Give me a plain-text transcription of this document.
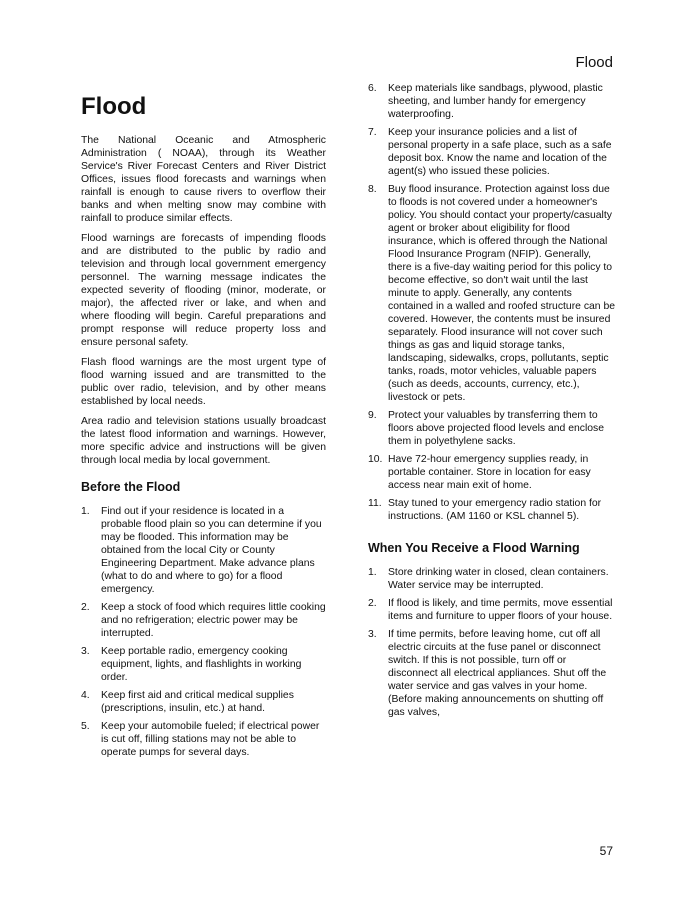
Flood
Flood

The National Oceanic and Atmospheric Administration ( NOAA), through its Weather Service's River Forecast Centers and River District Offices, issues flood forecasts and warnings when rainfall is enough to cause rivers to overflow their banks and when melting snow may combine with rainfall to produce similar effects.

Flood warnings are forecasts of impending floods and are distributed to the public by radio and television and through local government emergency personnel. The warning message indicates the expected severity of flooding (minor, moderate, or major), the affected river or lake, and when and where flooding will begin. Careful preparations and prompt response will reduce property loss and ensure personal safety.

Flash flood warnings are the most urgent type of flood warning issued and are transmitted to the public over radio, television, and by other means established by local needs.

Area radio and television stations usually broadcast the latest flood information and warnings. However, more specific advice and instructions will be given through local media by local government.

Before the Flood
1. Find out if your residence is located in a probable flood plain so you can determine if you may be flooded. This information may be obtained from the local City or County Engineering Department. Make advance plans (what to do and where to go) for a flood emergency.
2. Keep a stock of food which requires little cooking and no refrigeration; electric power may be interrupted.
3. Keep portable radio, emergency cooking equipment, lights, and flashlights in working order.
4. Keep first aid and critical medical supplies (prescriptions, insulin, etc.) at hand.
5. Keep your automobile fueled; if electrical power is cut off, filling stations may not be able to operate pumps for several days.
6. Keep materials like sandbags, plywood, plastic sheeting, and lumber handy for emergency waterproofing.
7. Keep your insurance policies and a list of personal property in a safe place, such as a safe deposit box. Know the name and location of the agent(s) who issued these policies.
8. Buy flood insurance. Protection against loss due to floods is not covered under a homeowner's policy. You should contact your property/casualty agent or broker about eligibility for flood insurance, which is offered through the National Flood Insurance Program (NFIP). Generally, there is a five-day waiting period for this policy to become effective, so don't wait until the last minute to apply. Generally, any contents contained in a walled and roofed structure can be covered. However, the contents must be insured separately. Flood insurance will not cover such things as gas and liquid storage tanks, landscaping, sidewalks, crops, pollutants, septic tanks, roads, motor vehicles, valuable papers (such as deeds, accounts, currency, etc.), livestock or pets.
9. Protect your valuables by transferring them to floors above projected flood levels and enclose them in polyethylene sacks.
10. Have 72-hour emergency supplies ready, in portable container. Store in location for easy access near main exit of home.
11. Stay tuned to your emergency radio station for instructions. (AM 1160 or KSL channel 5).
When You Receive a Flood Warning
1. Store drinking water in closed, clean containers. Water service may be interrupted.
2. If flood is likely, and time permits, move essential items and furniture to upper floors of your house.
3. If time permits, before leaving home, cut off all electric circuits at the fuse panel or disconnect switch. If this is not possible, turn off or disconnect all electrical appliances. Shut off the water service and gas valves in your home. (Before making announcements on shutting off gas valves,
57
